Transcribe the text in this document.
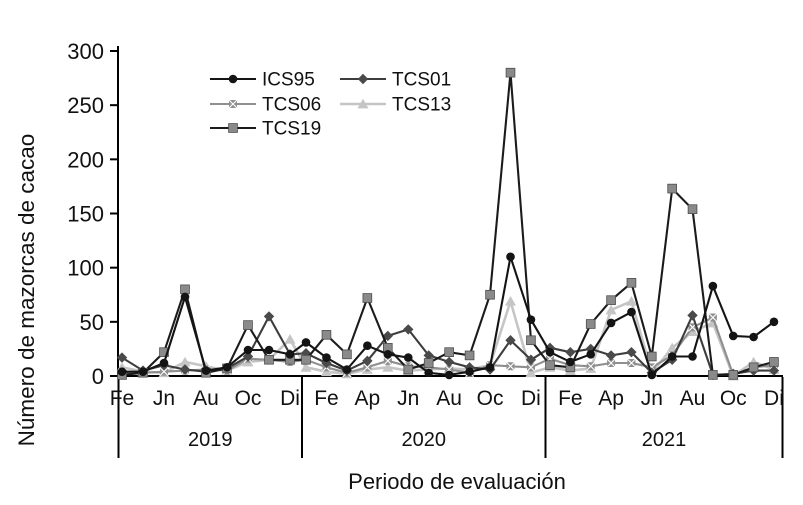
Número de mazorcas de cacao
Periodo de evaluación
0
50
100
150
200
250
300
Fe Jn Au Oc Di
2019
Fe Ap Jn Au Oc Di
2020
Fe Ap Jn Au Oc Di
2021
ICS95	TCS01
TCS06	TCS13
TCS19
